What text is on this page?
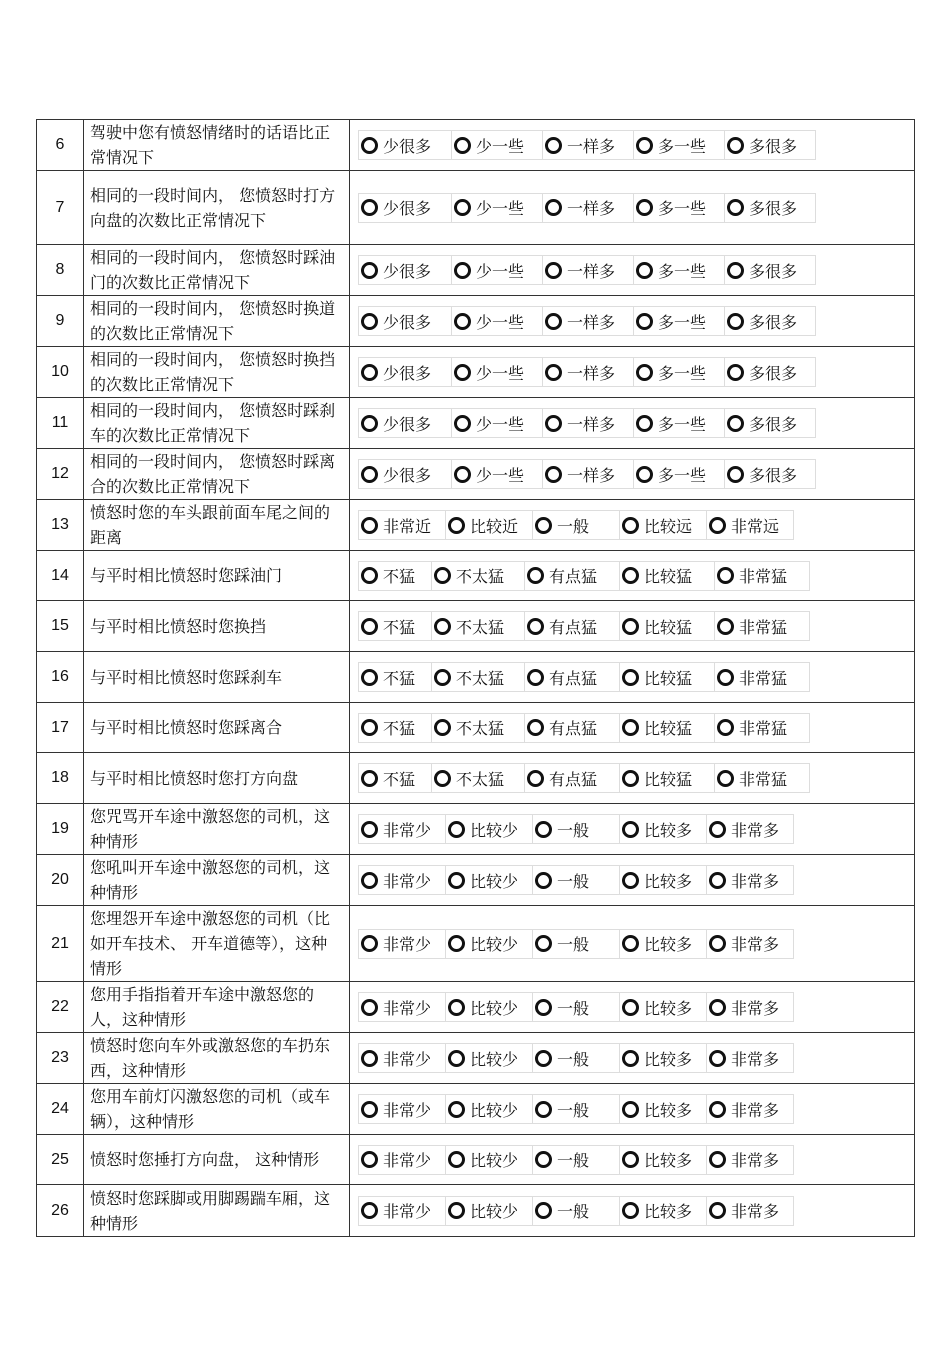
6	驾驶中您有愤怒情绪时的话语比正常情况下	少很多 少一些 一样多 多一些 多很多

7	相同的一段时间内， 您愤怒时打方向盘的次数比正常情况下	少很多 少一些 一样多 多一些 多很多

8	相同的一段时间内， 您愤怒时踩油门的次数比正常情况下	少很多 少一些 一样多 多一些 多很多

9	相同的一段时间内， 您愤怒时换道的次数比正常情况下	少很多 少一些 一样多 多一些 多很多

10	相同的一段时间内， 您愤怒时换挡的次数比正常情况下	少很多 少一些 一样多 多一些 多很多

11	相同的一段时间内， 您愤怒时踩刹车的次数比正常情况下	少很多 少一些 一样多 多一些 多很多

12	相同的一段时间内， 您愤怒时踩离合的次数比正常情况下	少很多 少一些 一样多 多一些 多很多

13	愤怒时您的车头跟前面车尾之间的距离	非常近 比较近 一般 比较远 非常远

14	与平时相比愤怒时您踩油门	不猛 不太猛 有点猛 比较猛 非常猛

15	与平时相比愤怒时您换挡	不猛 不太猛 有点猛 比较猛 非常猛

16	与平时相比愤怒时您踩刹车	不猛 不太猛 有点猛 比较猛 非常猛

17	与平时相比愤怒时您踩离合	不猛 不太猛 有点猛 比较猛 非常猛

18	与平时相比愤怒时您打方向盘	不猛 不太猛 有点猛 比较猛 非常猛

19	您咒骂开车途中激怒您的司机，这种情形	非常少 比较少 一般 比较多 非常多

20	您吼叫开车途中激怒您的司机，这种情形	非常少 比较少 一般 比较多 非常多

21	您埋怨开车途中激怒您的司机（比如开车技术、 开车道德等），这种情形	非常少 比较少 一般 比较多 非常多

22	您用手指指着开车途中激怒您的人，这种情形	非常少 比较少 一般 比较多 非常多

23	愤怒时您向车外或激怒您的车扔东西，这种情形	非常少 比较少 一般 比较多 非常多

24	您用车前灯闪激怒您的司机（或车辆），这种情形	非常少 比较少 一般 比较多 非常多

25	愤怒时您捶打方向盘， 这种情形	非常少 比较少 一般 比较多 非常多

26	愤怒时您踩脚或用脚踢踹车厢，这种情形	非常少 比较少 一般 比较多 非常多
